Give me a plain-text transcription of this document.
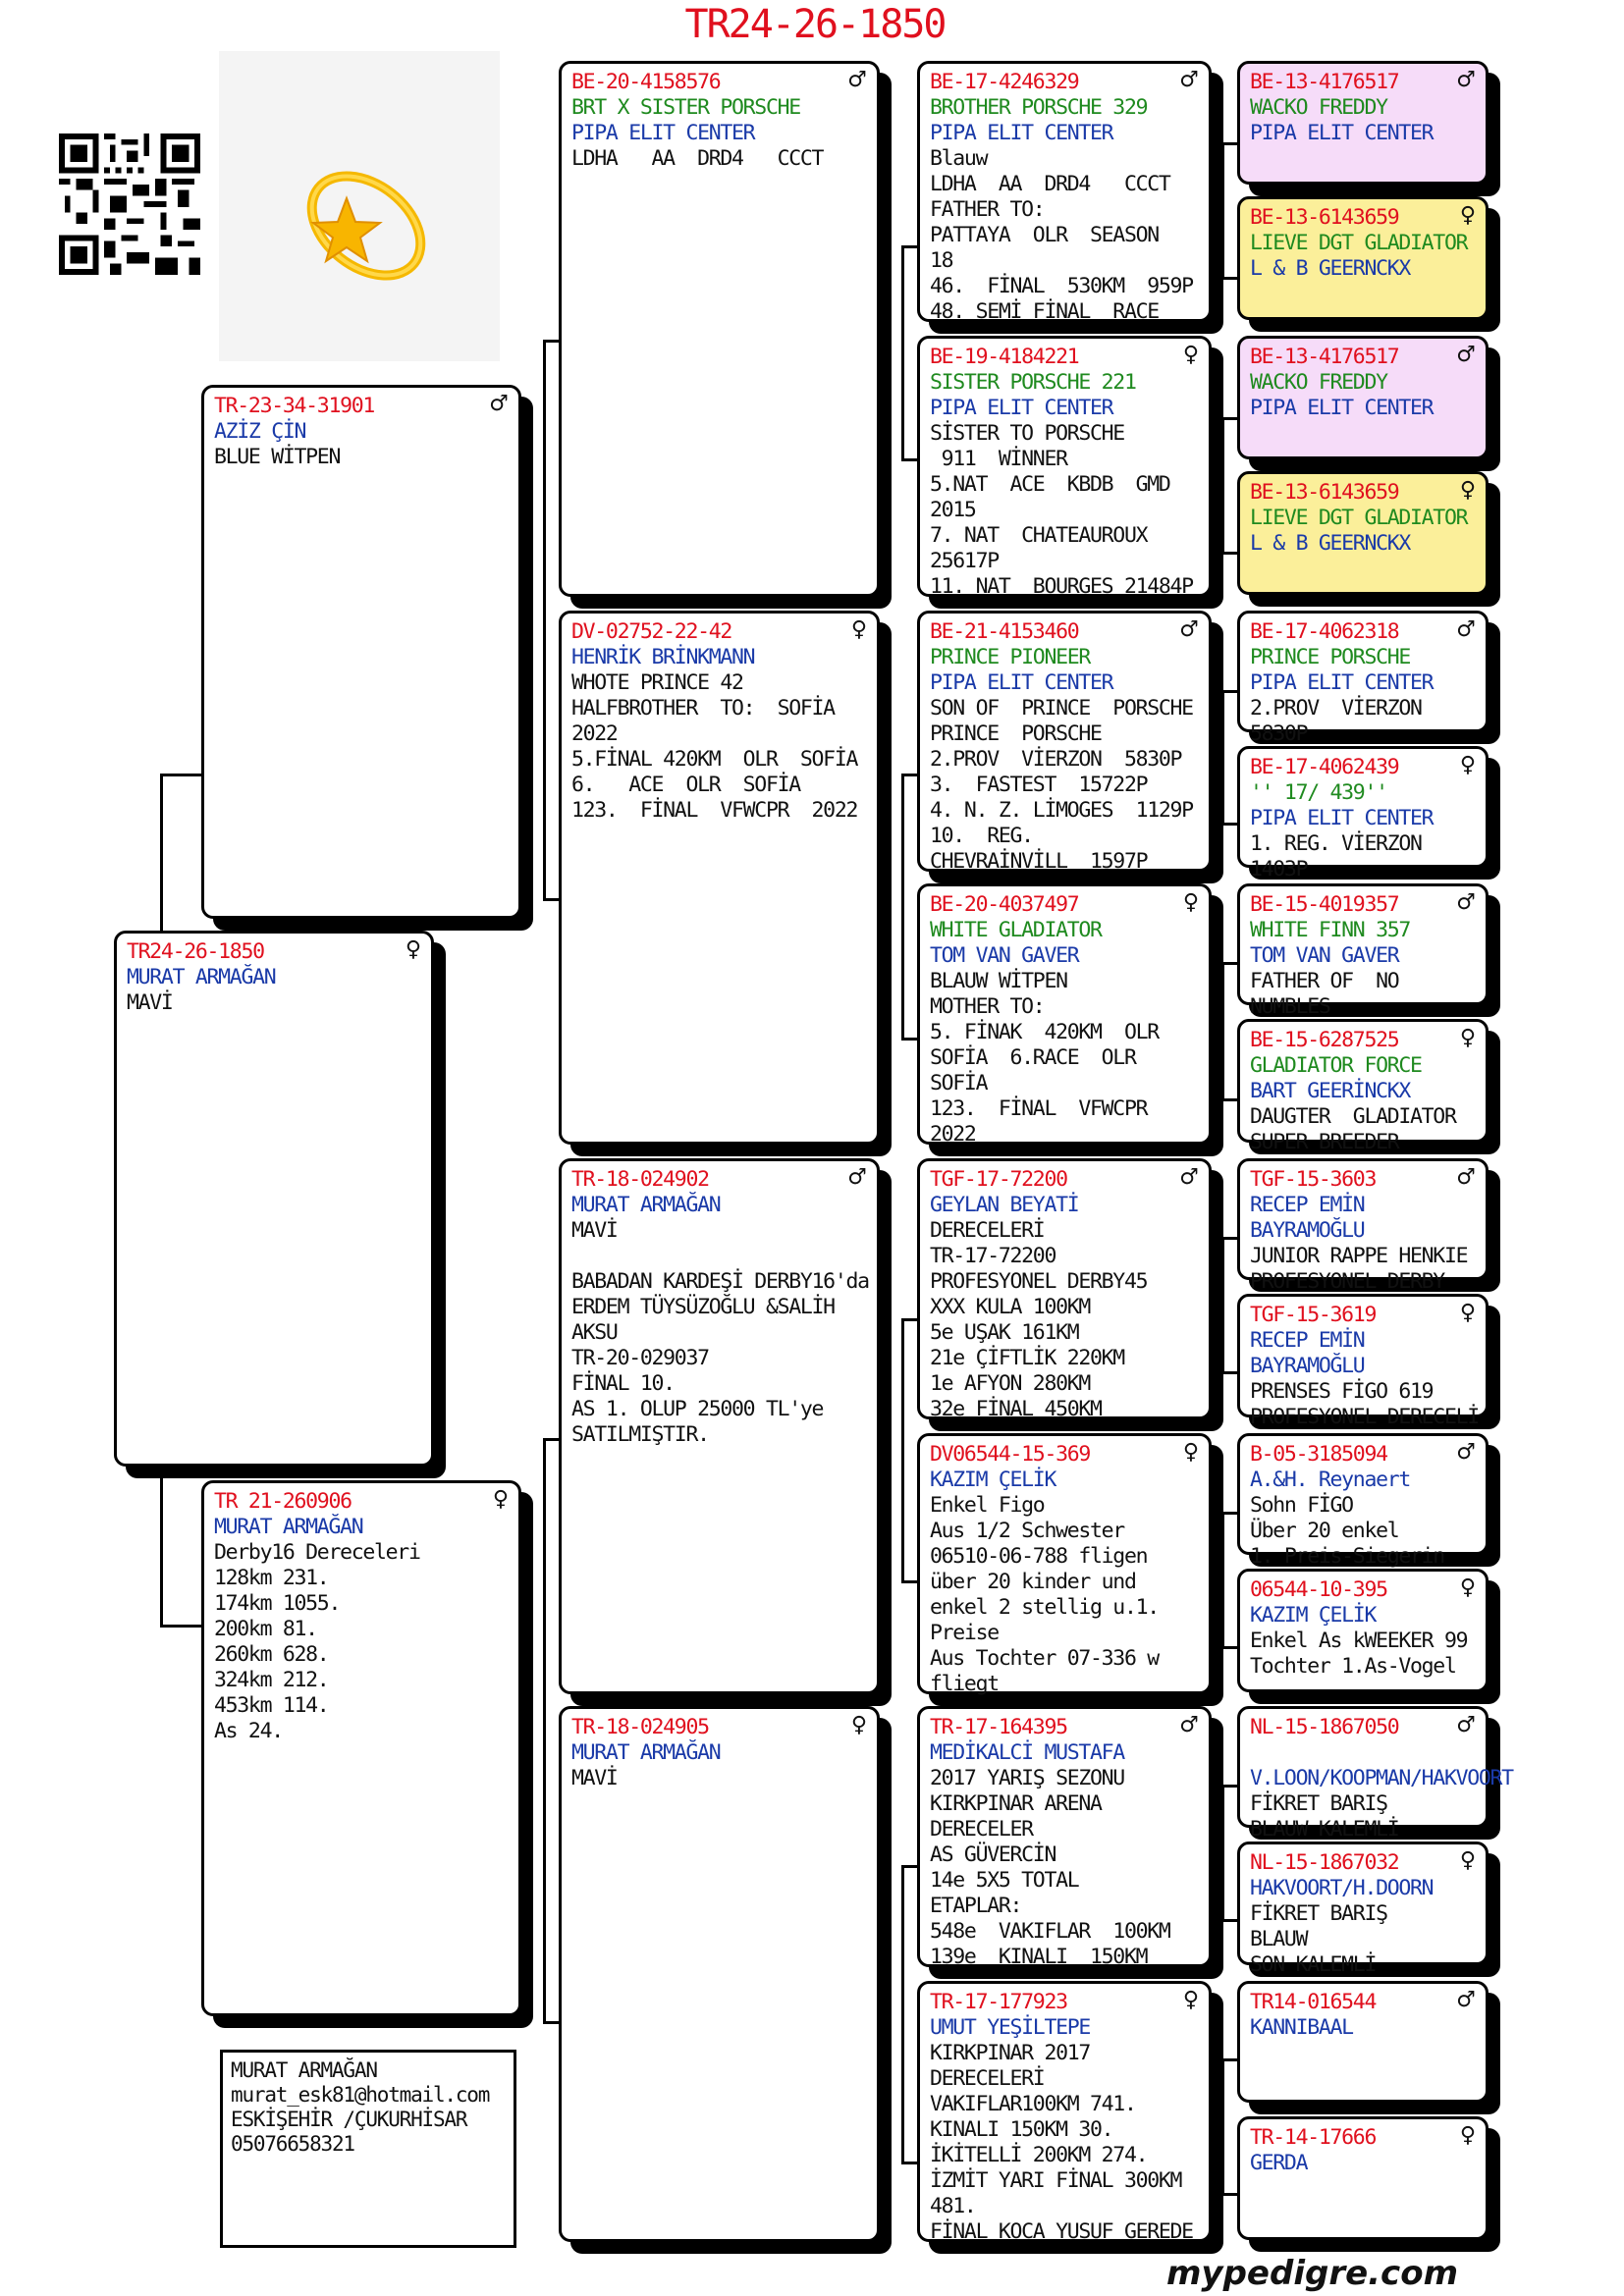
TR24-26-1850
♀
TR24-26-1850
MURAT ARMAĞAN
MAVİ
♂
TR-23-34-31901
AZİZ ÇİN
BLUE WİTPEN
♀
TR 21-260906
MURAT ARMAĞAN
Derby16 Dereceleri
128km 231.
174km 1055.
200km 81.
260km 628.
324km 212.
453km 114.
As 24.
♂
BE-20-4158576
BRT X SISTER PORSCHE
PIPA ELIT CENTER
LDHA   AA  DRD4   CCCT
♀
DV-02752-22-42
HENRİK BRİNKMANN
WHOTE PRINCE 42
HALFBROTHER  TO:  SOFİA
2022
5.FİNAL 420KM  OLR  SOFİA
6.   ACE  OLR  SOFİA
123.  FİNAL  VFWCPR  2022
♂
TR-18-024902
MURAT ARMAĞAN
MAVİ

BABADAN KARDEŞİ DERBY16'da
ERDEM TÜYSÜZOĞLU &SALİH
AKSU
TR-20-029037
FİNAL 10.
AS 1. OLUP 25000 TL'ye
SATILMIŞTIR.
♀
TR-18-024905
MURAT ARMAĞAN
MAVİ
♂
BE-17-4246329
BROTHER PORSCHE 329
PIPA ELIT CENTER
Blauw
LDHA  AA  DRD4   CCCT
FATHER TO:
PATTAYA  OLR  SEASON
18
46.  FİNAL  530KM  959P
48. SEMİ FİNAL  RACE
♀
BE-19-4184221
SISTER PORSCHE 221
PIPA ELIT CENTER
SİSTER TO PORSCHE
911  WİNNER
5.NAT  ACE  KBDB  GMD
2015
7. NAT  CHATEAUROUX
25617P
11. NAT  BOURGES 21484P
♂
BE-21-4153460
PRINCE PIONEER
PIPA ELIT CENTER
SON OF  PRINCE  PORSCHE
PRINCE  PORSCHE
2.PROV  VİERZON  5830P
3.  FASTEST  15722P
4. N. Z. LİMOGES  1129P
10.  REG.
CHEVRAİNVİLL  1597P
♀
BE-20-4037497
WHITE GLADIATOR
TOM VAN GAVER
BLAUW WİTPEN
MOTHER TO:
5. FİNAK  420KM  OLR
SOFİA  6.RACE  OLR
SOFİA
123.  FİNAL  VFWCPR
2022
♂
TGF-17-72200
GEYLAN BEYATİ
DERECELERİ
TR-17-72200
PROFESYONEL DERBY45
XXX KULA 100KM
5e UŞAK 161KM
21e ÇİFTLİK 220KM
1e AFYON 280KM
32e FİNAL 450KM
♀
DV06544-15-369
KAZIM ÇELİK
Enkel Figo
Aus 1/2 Schwester
06510-06-788 fligen
über 20 kinder und
enkel 2 stellig u.1.
Preise
Aus Tochter 07-336 w
fliegt
♂
TR-17-164395
MEDİKALCİ MUSTAFA
2017 YARIŞ SEZONU
KIRKPINAR ARENA
DERECELER
AS GÜVERCİN
14e 5X5 TOTAL
ETAPLAR:
548e  VAKIFLAR  100KM
139e  KINALI  150KM
♀
TR-17-177923
UMUT YEŞİLTEPE
KIRKPINAR 2017
DERECELERİ
VAKIFLAR100KM 741.
KINALI 150KM 30.
İKİTELLİ 200KM 274.
İZMİT YARI FİNAL 300KM
481.
FİNAL KOCA YUSUF GEREDE
♂
BE-13-4176517
WACKO FREDDY
PIPA ELIT CENTER
♀
BE-13-6143659
LIEVE DGT GLADIATOR
L & B GEERNCKX
♂
BE-13-4176517
WACKO FREDDY
PIPA ELIT CENTER
♀
BE-13-6143659
LIEVE DGT GLADIATOR
L & B GEERNCKX
♂
BE-17-4062318
PRINCE PORSCHE
PIPA ELIT CENTER
2.PROV  VİERZON
5830P
♀
BE-17-4062439
'' 17/ 439''
PIPA ELIT CENTER
1. REG. VİERZON
1403P
♂
BE-15-4019357
WHITE FINN 357
TOM VAN GAVER
FATHER OF  NO
NUMBLES
♀
BE-15-6287525
GLADIATOR FORCE
BART GEERİNCKX
DAUGTER  GLADIATOR
SUPER BREEDER
♂
TGF-15-3603
RECEP EMİN
BAYRAMOĞLU
JUNIOR RAPPE HENKIE
PROFESYONEL DERBY
♀
TGF-15-3619
RECEP EMİN
BAYRAMOĞLU
PRENSES FİGO 619
PROFESYONEL DERECELİ
♂
B-05-3185094
A.&H. Reynaert
Sohn FİGO
Über 20 enkel
1. Preis-Siegerin
♀
06544-10-395
KAZIM ÇELİK
Enkel As kWEEKER 99
Tochter 1.As-Vogel
♂
NL-15-1867050

V.LOON/KOOPMAN/HAKVOORT
FİKRET BARIŞ
BLAUW KALEMLİ
♀
NL-15-1867032
HAKVOORT/H.DOORN
FİKRET BARIŞ
BLAUW
SON KALEMLİ
♂
TR14-016544
KANNIBAAL
♀
TR-14-17666
GERDA
MURAT ARMAĞAN
murat_esk81@hotmail.com
ESKİŞEHİR /ÇUKURHİSAR
05076658321
mypedigre.com
